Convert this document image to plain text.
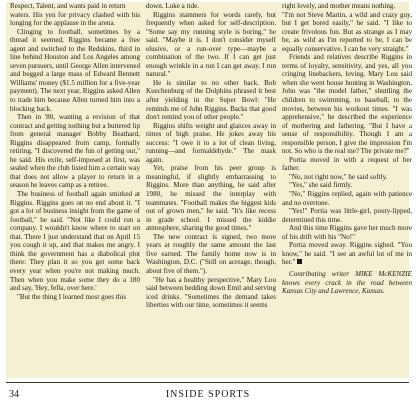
Respect, Talent, and wants paid in return

waters. His yen for privacy clashed with his longing for the applause in the arena.

Clinging to football, sometimes by a thread it seemed, Riggins became a free agent and switched to the Redskins, third in line behind Houston and Los Angeles among seven pursuers, until George Allen intervened and begged a large mass of Edward Bennett Williams' money ($1.5 million for a five-year payment). The next year, Riggins asked Allen to trade him because Allen turned him into a blocking back.

Then in '80, wanting a revision of that contract and getting nothing but a buttered lip from general manager Bobby Beathard, Riggins disappeared from camp, formally retiring. "I discovered the fun of getting out," he said. His exile, self-imposed at first, was sealed when the club listed him a certain way that does not allow a player to return in a season he leaves camp as a retiree.

The business of football again smirked at Riggins. Riggins goes on no end about it. "I got a lot of business insight from the game of football," he said. "Not like I could run a company. I wouldn't know where to start on that. There I just understand that on April 15 you cough it up, and that makes me angry. I think the government has a diabolical plot there: They plan it so you get some back every year when you're not making much. Then when you make some they do a 180 and say, 'Hey, fella, over here.'

"But the thing I learned most goes this

down. Luke a tide.

Riggins stammers for words rarely, but frequently when asked for self-description. "Some say my running style is boring," he said. "Maybe it is. I don't consider myself elusive, or a run-over type—maybe a combination of the two. If I can get just enough wrinkle in a run I can get away. I run natural."

He is similar to no other back. Bob Kuechenburg of the Dolphins phrased it best after yielding in the Super Bowl: "He reminds me of John Riggins. Backs that good don't remind you of other people."

Riggins shifts weight and glances away in times of high praise. He jokes away his success: "I owe it to a lot of clean living, running—and formaldehyde." The mask again.

Yet, praise from his peer group is meaningful, if slightly embarrassing to Riggins. More than anything, he said after 1980, he missed the interplay with teammates. "Football makes the biggest kids out of grown men," he said. "It's like recess in grade school. I missed the kiddie atmosphere, sharing the good times."

The new contract is signed, two more years at roughly the same amount the last five earned. The family home now is in Washington, D.C. ("Still on acreage, though, about five of them.").

"He has a healthy perspective," Mary Lou said between bedding down Emil and serving iced drinks. "Sometimes the demand takes liberties with our time, sometimes it seems

right lovely, and mother means nothing.

"I'm not Steve Martin, a wild and crazy guy, but I get bored easily," he said. "I like to create frivolous fun. But as strange as I may be, as wild as I'm reported to be, I can be equally conservative. I can be very straight."

Friends and relatives describe Riggins in terms of loyalty, sensitivity, and yes, all you cringing linebackers, loving. Mary Lou said when she went house hunting in Washington, John was "the model father," shuttling the children to swimming, to baseball, to the movies, between his workout times. "I was apprehensive," he described the experience of mothering and fathering. "But I have a sense of responsibility. Though I am a responsible person, I give the impression I'm not. So who is the real me? The private me?"

Portia moved in with a request of her father.

"No, not right now," he said softly.

"Yes," she said firmly.

"No," Riggins replied, again with patience and no overtone.

"Yes!" Portia was little-girl, pouty-lipped, determined this time.

And this time Riggins gave her much more of his drift with his "No!"

Portia moved away. Riggins sighed. "You know," he said. "I see an awful lot of me in her."

Contributing writer MIKE McKENZIE knows every crack in the road between Kansas City and Lawrence, Kansas.

34	INSIDE SPORTS
